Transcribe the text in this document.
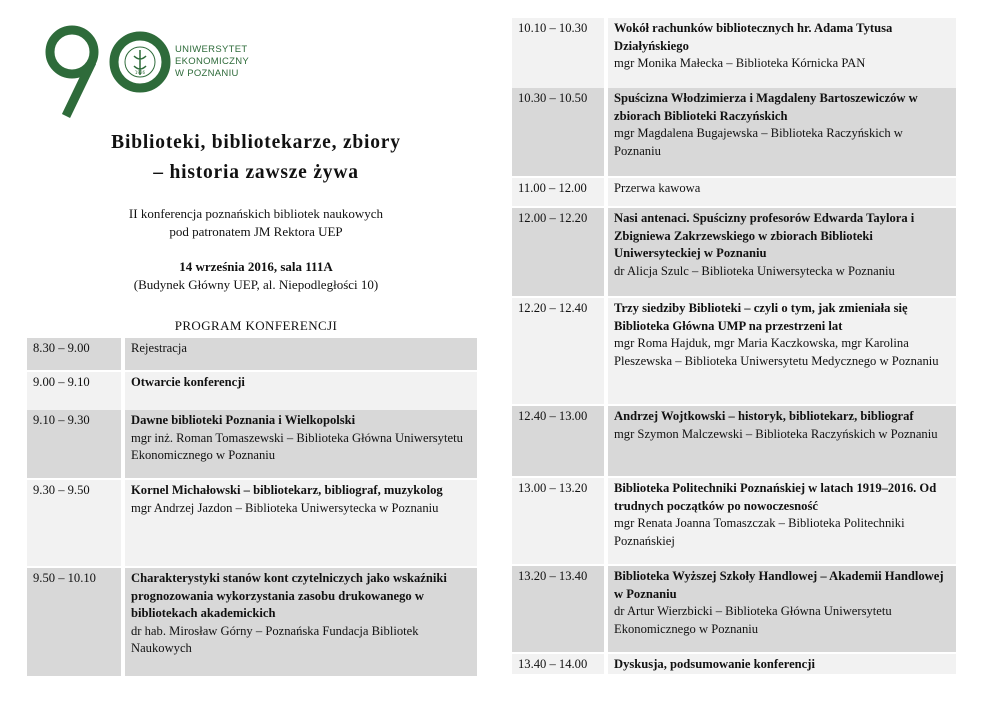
1926
UNIWERSYTET
EKONOMICZNY
W POZNANIU
Biblioteki, bibliotekarze, zbiory
– historia zawsze żywa
II konferencja poznańskich bibliotek naukowych
pod patronatem JM Rektora UEP
14 września 2016, sala 111A
(Budynek Główny UEP, al. Niepodległości 10)
PROGRAM KONFERENCJI
8.30 – 9.00	Rejestracja
9.00 – 9.10	Otwarcie konferencji
9.10 – 9.30	Dawne biblioteki Poznania i Wielkopolski
mgr inż. Roman Tomaszewski – Biblioteka Główna Uniwersytetu Ekonomicznego w Poznaniu
9.30 – 9.50	Kornel Michałowski – bibliotekarz, bibliograf, muzykolog
mgr Andrzej Jazdon – Biblioteka Uniwersytecka w Poznaniu
9.50 – 10.10	Charakterystyki stanów kont czytelniczych jako wskaźniki prognozowania wykorzystania zasobu drukowanego w bibliotekach akademickich
dr hab. Mirosław Górny – Poznańska Fundacja Bibliotek Naukowych
10.10 – 10.30	Wokół rachunków bibliotecznych hr. Adama Tytusa Działyńskiego
mgr Monika Małecka – Biblioteka Kórnicka PAN
10.30 – 10.50	Spuścizna Włodzimierza i Magdaleny Bartoszewiczów w zbiorach Biblioteki Raczyńskich
mgr Magdalena Bugajewska – Biblioteka Raczyńskich w Poznaniu
11.00 – 12.00	Przerwa kawowa
12.00 – 12.20	Nasi antenaci. Spuścizny profesorów Edwarda Taylora i Zbigniewa Zakrzewskiego w zbiorach Biblioteki Uniwersyteckiej w Poznaniu
dr Alicja Szulc – Biblioteka Uniwersytecka w Poznaniu
12.20 – 12.40	Trzy siedziby Biblioteki – czyli o tym, jak zmieniała się Biblioteka Główna UMP na przestrzeni lat
mgr Roma Hajduk, mgr Maria Kaczkowska, mgr Karolina Pleszewska – Biblioteka Uniwersytetu Medycznego w Poznaniu
12.40 – 13.00	Andrzej Wojtkowski – historyk, bibliotekarz, bibliograf
mgr Szymon Malczewski – Biblioteka Raczyńskich w Poznaniu
13.00 – 13.20	Biblioteka Politechniki Poznańskiej w latach 1919–2016. Od trudnych początków po nowoczesność
mgr Renata Joanna Tomaszczak – Biblioteka Politechniki Poznańskiej
13.20 – 13.40	Biblioteka Wyższej Szkoły Handlowej – Akademii Handlowej w Poznaniu
dr Artur Wierzbicki – Biblioteka Główna Uniwersytetu Ekonomicznego w Poznaniu
13.40 – 14.00	Dyskusja, podsumowanie konferencji
